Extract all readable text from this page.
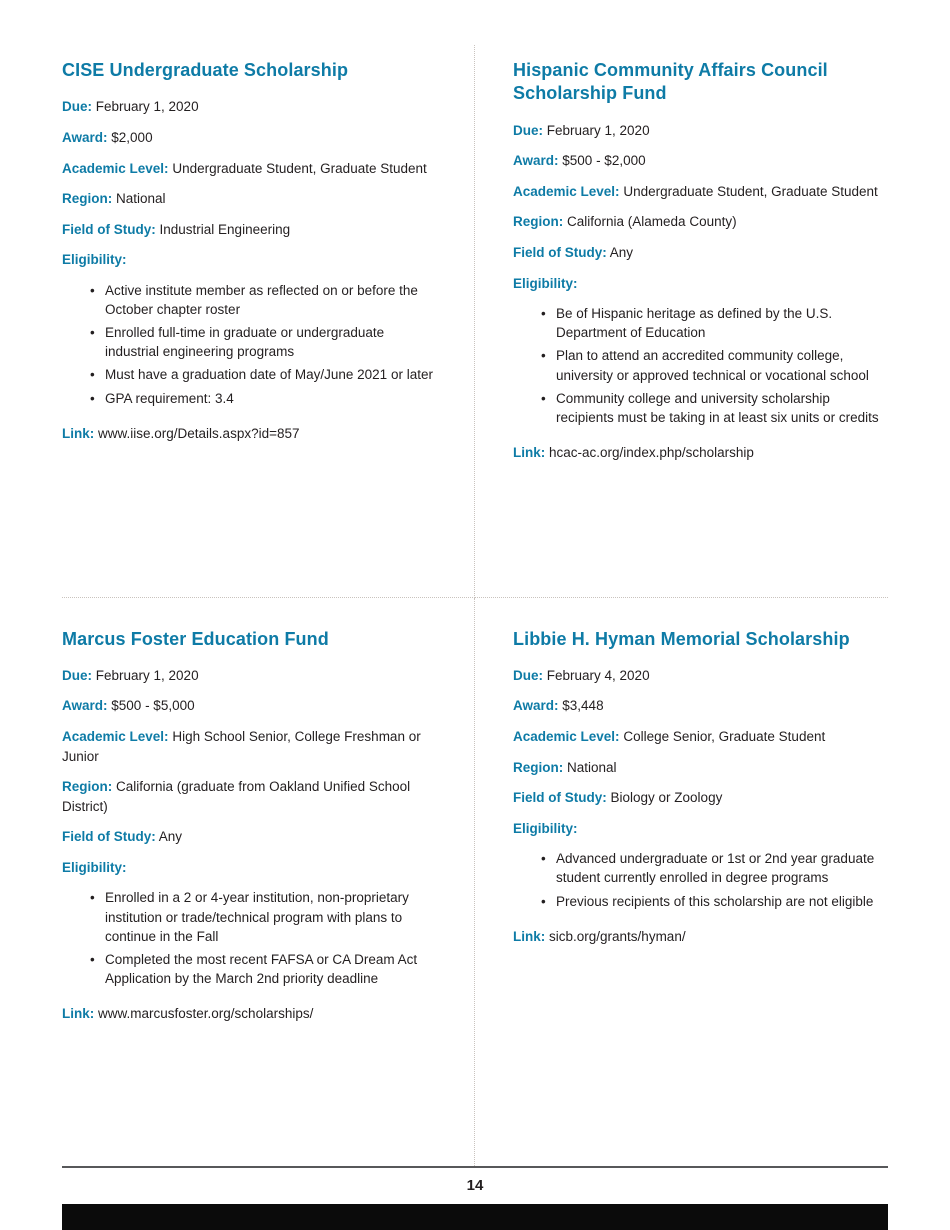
CISE Undergraduate Scholarship

Due: February 1, 2020

Award: $2,000

Academic Level: Undergraduate Student, Graduate Student

Region: National

Field of Study: Industrial Engineering

Eligibility:

• Active institute member as reflected on or before the October chapter roster
• Enrolled full-time in graduate or undergraduate industrial engineering programs
• Must have a graduation date of May/June 2021 or later
• GPA requirement: 3.4

Link: www.iise.org/Details.aspx?id=857

Hispanic Community Affairs Council Scholarship Fund

Due: February 1, 2020

Award: $500 - $2,000

Academic Level: Undergraduate Student, Graduate Student

Region: California (Alameda County)

Field of Study: Any

Eligibility:

• Be of Hispanic heritage as defined by the U.S. Department of Education
• Plan to attend an accredited community college, university or approved technical or vocational school
• Community college and university scholarship recipients must be taking in at least six units or credits

Link: hcac-ac.org/index.php/scholarship

Marcus Foster Education Fund

Due: February 1, 2020

Award: $500 - $5,000

Academic Level: High School Senior, College Freshman or Junior

Region: California (graduate from Oakland Unified School District)

Field of Study: Any

Eligibility:

• Enrolled in a 2 or 4-year institution, non-proprietary institution or trade/technical program with plans to continue in the Fall
• Completed the most recent FAFSA or CA Dream Act Application by the March 2nd priority deadline

Link: www.marcusfoster.org/scholarships/

Libbie H. Hyman Memorial Scholarship

Due: February 4, 2020

Award: $3,448

Academic Level: College Senior, Graduate Student

Region: National

Field of Study: Biology or Zoology

Eligibility:

• Advanced undergraduate or 1st or 2nd year graduate student currently enrolled in degree programs
• Previous recipients of this scholarship are not eligible

Link: sicb.org/grants/hyman/

14
